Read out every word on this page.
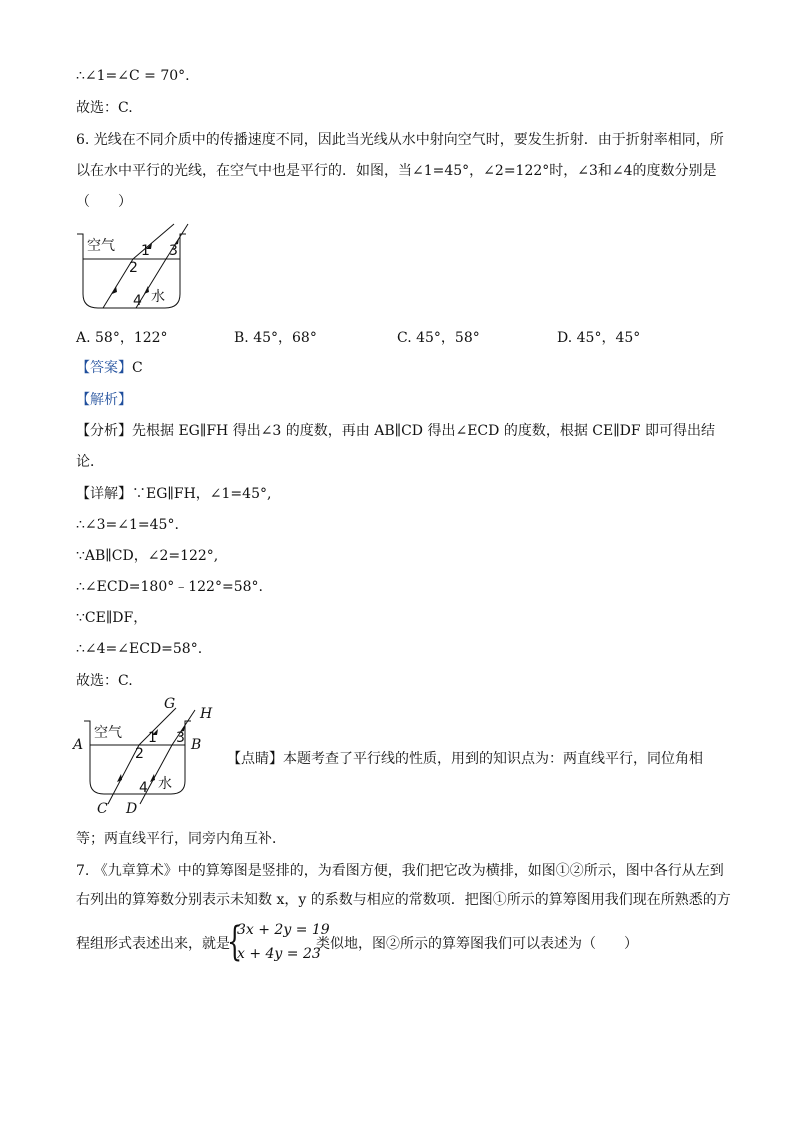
∴∠1=∠C = 70°.
故选：C.
6. 光线在不同介质中的传播速度不同，因此当光线从水中射向空气时，要发生折射．由于折射率相同，所
以在水中平行的光线，在空气中也是平行的．如图，当∠1=45°，∠2=122°时，∠3和∠4的度数分别是
（　　）
空气 1 3
2
水
4
A. 58°，122°	B. 45°，68°	C. 45°，58°	D. 45°，45°
【答案】C
【解析】
【分析】先根据 EG∥FH 得出∠3 的度数，再由 AB∥CD 得出∠ECD 的度数，根据 CE∥DF 即可得出结
论．
【详解】∵EG∥FH，∠1=45°,
∴∠3=∠1=45°.
∵AB∥CD，∠2=122°,
∴∠ECD=180°﹣122°=58°.
∵CE∥DF，
∴∠4=∠ECD=58°.
故选：C.
空气 1 3
2
水
4
A	B
C D
G
H
【点睛】本题考查了平行线的性质，用到的知识点为：两直线平行，同位角相
等；两直线平行，同旁内角互补．
7. 《九章算术》中的算筹图是竖排的，为看图方便，我们把它改为横排，如图①②所示，图中各行从左到
右列出的算筹数分别表示未知数 x，y 的系数与相应的常数项．把图①所示的算筹图用我们现在所熟悉的方
程组形式表述出来，就是
{
3x + 2y = 19
x + 4y = 23
类似地，图②所示的算筹图我们可以表述为（　　）
